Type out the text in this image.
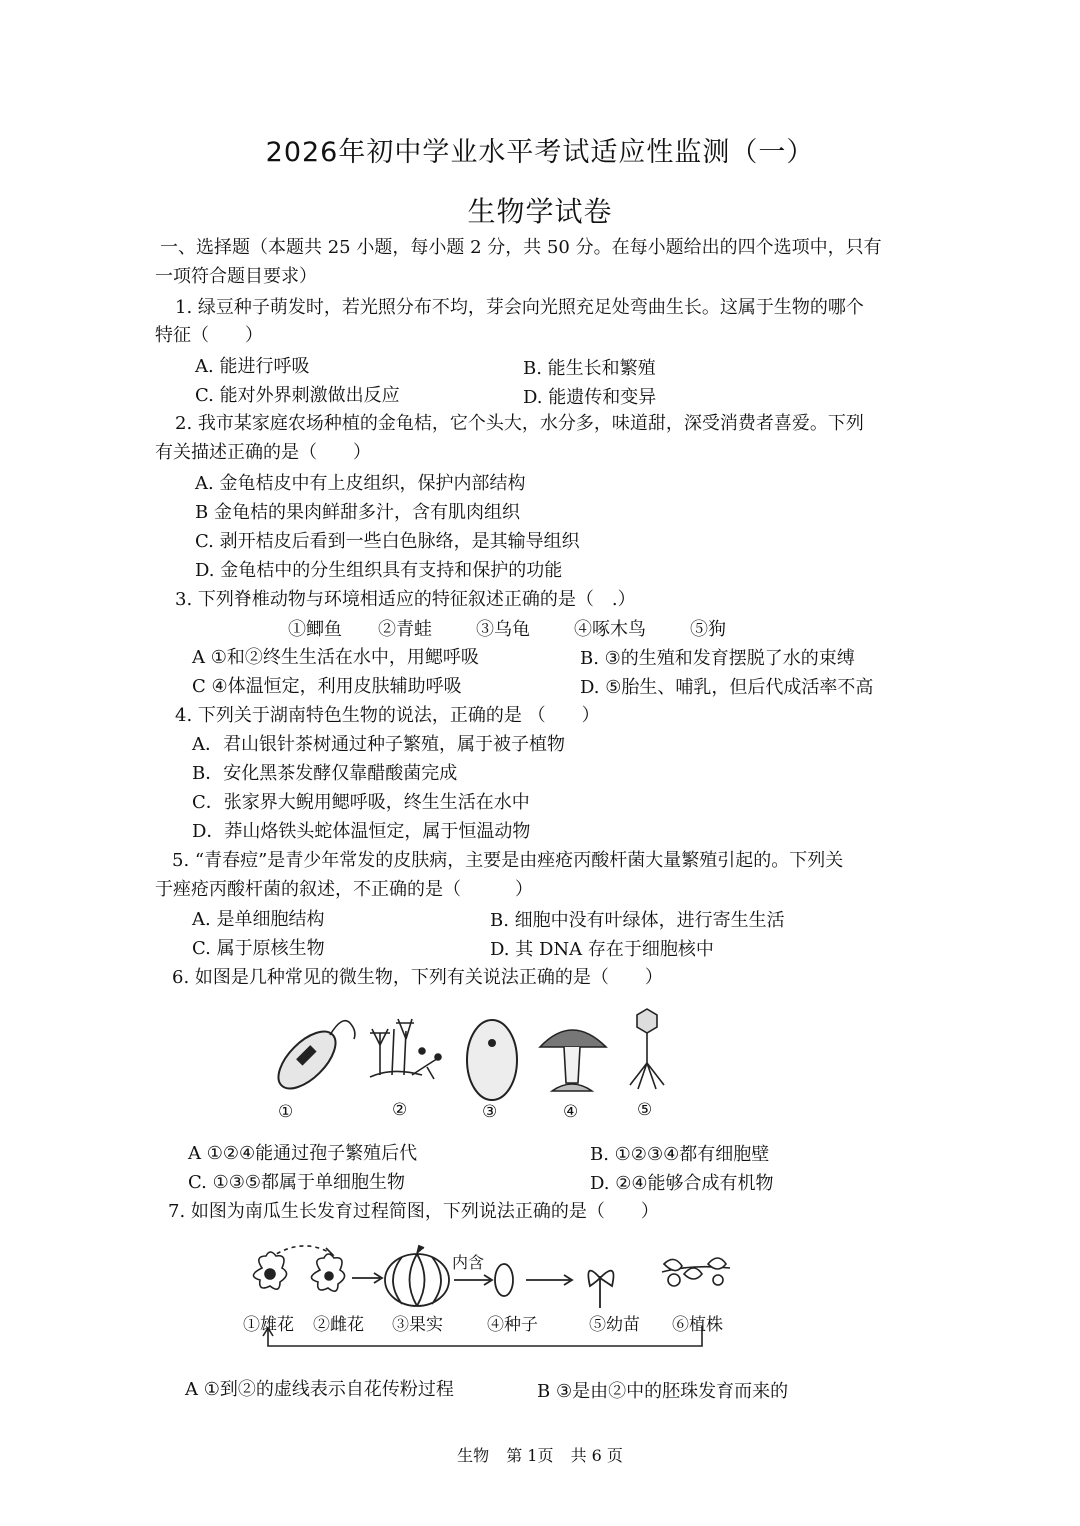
2026年初中学业水平考试适应性监测（一）
生物学试卷
一、选择题（本题共 25 小题，每小题 2 分，共 50 分。在每小题给出的四个选项中，只有
一项符合题目要求）
1. 绿豆种子萌发时，若光照分布不均，芽会向光照充足处弯曲生长。这属于生物的哪个
特征（　　）
A. 能进行呼吸	B. 能生长和繁殖
C. 能对外界刺激做出反应	D. 能遗传和变异
2. 我市某家庭农场种植的金龟桔，它个头大，水分多，味道甜，深受消费者喜爱。下列
有关描述正确的是（　　）
A. 金龟桔皮中有上皮组织，保护内部结构
B 金龟桔的果肉鲜甜多汁，含有肌肉组织
C. 剥开桔皮后看到一些白色脉络，是其输导组织
D. 金龟桔中的分生组织具有支持和保护的功能
3. 下列脊椎动物与环境相适应的特征叙述正确的是（　.）
①鲫鱼 ②青蛙 ③乌龟 ④啄木鸟 ⑤狗
A ①和②终生生活在水中，用鳃呼吸	B. ③的生殖和发育摆脱了水的束缚
C ④体温恒定，利用皮肤辅助呼吸	D. ⑤胎生、哺乳，但后代成活率不高
4. 下列关于湖南特色生物的说法，正确的是 （　　）
A．君山银针茶树通过种子繁殖，属于被子植物
B．安化黑茶发酵仅靠醋酸菌完成
C．张家界大鲵用鳃呼吸，终生生活在水中
D．莽山烙铁头蛇体温恒定，属于恒温动物
5. “青春痘”是青少年常发的皮肤病，主要是由痤疮丙酸杆菌大量繁殖引起的。下列关
于痤疮丙酸杆菌的叙述，不正确的是（　　　）
A. 是单细胞结构	B. 细胞中没有叶绿体，进行寄生生活
C. 属于原核生物	D. 其 DNA 存在于细胞核中
6. 如图是几种常见的微生物，下列有关说法正确的是（　　）
①	②	③	④	⑤
A ①②④能通过孢子繁殖后代	B. ①②③④都有细胞壁
C. ①③⑤都属于单细胞生物	D. ②④能够合成有机物
7. 如图为南瓜生长发育过程简图，下列说法正确的是（　　）
内含
①雄花 ②雌花 ③果实	④种子	⑤幼苗 ⑥植株
A ①到②的虚线表示自花传粉过程	B ③是由②中的胚珠发育而来的
生物 第 1页 共 6 页
